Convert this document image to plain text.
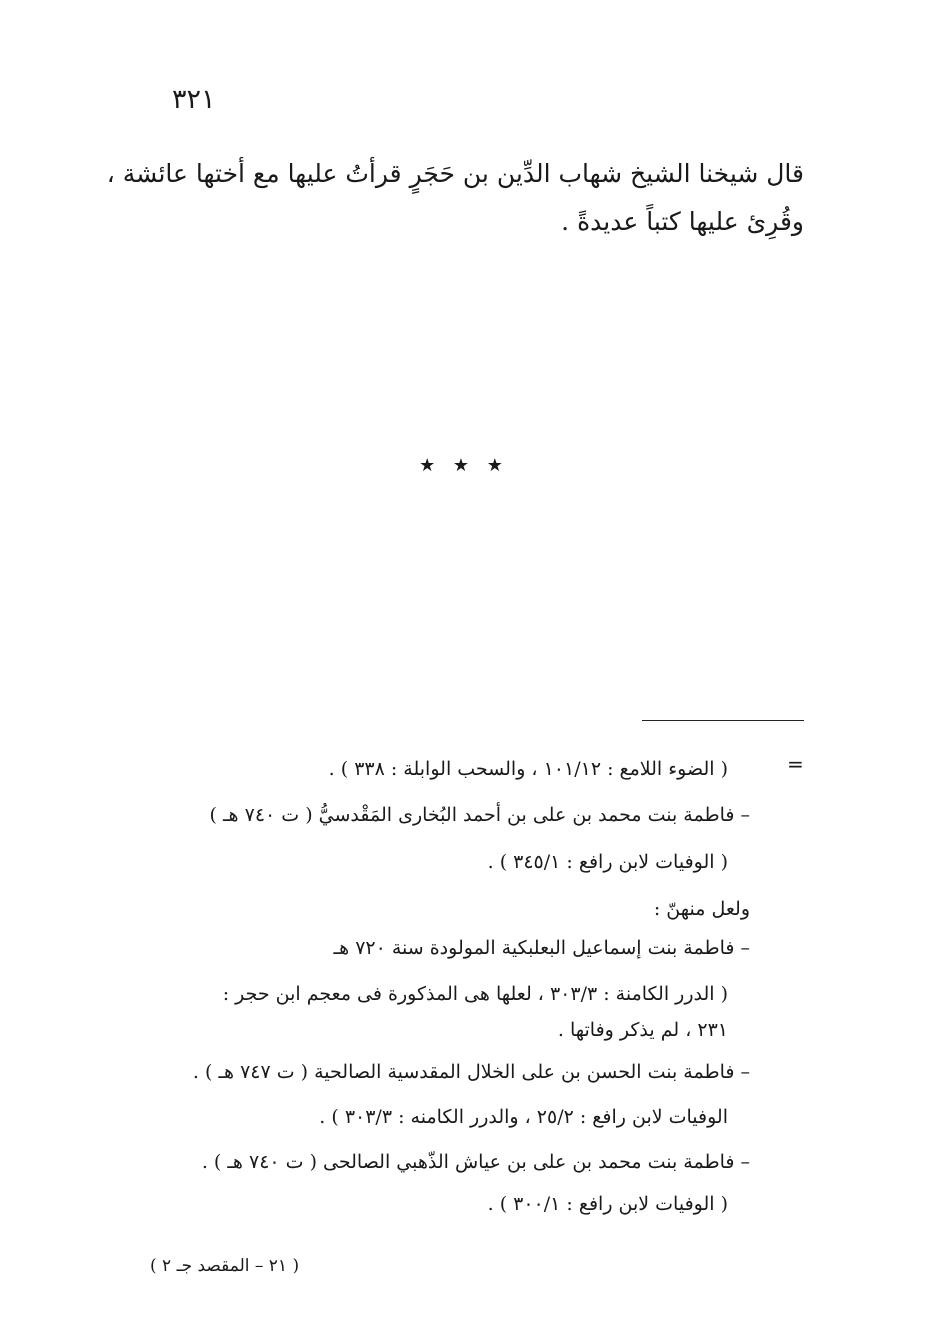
٣٢١
قال شيخنا الشيخ شهاب الدِّين بن حَجَرٍ قرأتُ عليها مع أختها عائشة ،
وقُرِئ عليها كتباً عديدةً .
★ ★ ★
=
( الضوء اللامع : ١٠١/١٢ ، والسحب الوابلة : ٣٣٨ ) .
– فاطمة بنت محمد بن على بن أحمد البُخارى المَقْدسيُّ ( ت ٧٤٠ هـ )
( الوفيات لابن رافع : ٣٤٥/١ ) .
ولعل منهنّ :
– فاطمة بنت إسماعيل البعلبكية المولودة سنة ٧٢٠ هـ
( الدرر الكامنة : ٣٠٣/٣ ، لعلها هى المذكورة فى معجم ابن حجر :
٢٣١ ، لم يذكر وفاتها .
– فاطمة بنت الحسن بن على الخلال المقدسية الصالحية ( ت ٧٤٧ هـ ) .
الوفيات لابن رافع : ٢٥/٢ ، والدرر الكامنه : ٣٠٣/٣ ) .
– فاطمة بنت محمد بن على بن عياش الذّهبي الصالحى ( ت ٧٤٠ هـ ) .
( الوفيات لابن رافع : ٣٠٠/١ ) .
( ٢١ – المقصد جـ ٢ )
